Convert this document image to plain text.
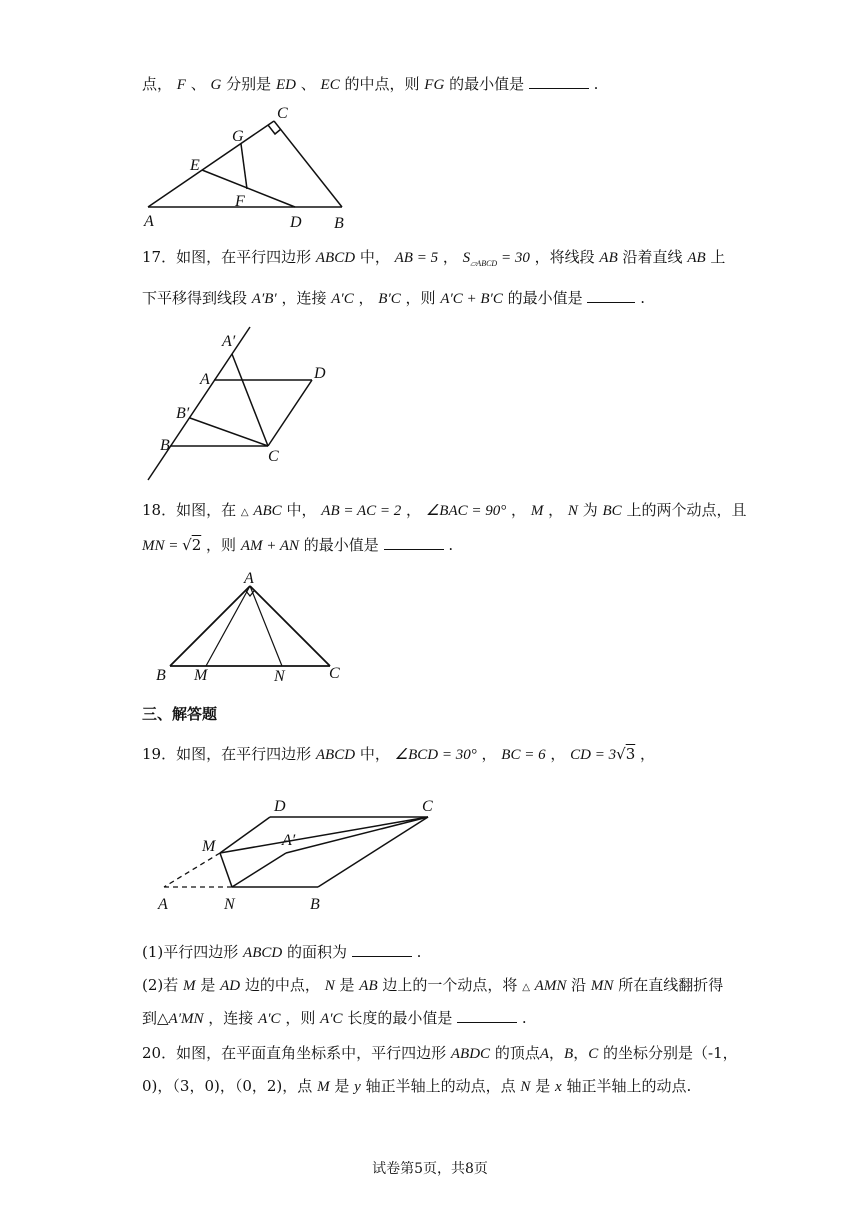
点， F 、 G 分别是 ED 、 EC 的中点，则 FG 的最小值是	.
A	B
C
D
E
F
G
17．如图，在平行四边形 ABCD 中， AB = 5 ， $S_{▱ABCD} = 30$ ，将线段 AB 沿着直线 AB 上
下平移得到线段 A′B′ ，连接 A′C ， B′C ，则 A′C + B′C 的最小值是	.
A′
A	D
B′
B
C
18．如图，在 △ ABC 中， AB = AC = 2 ， ∠BAC = 90° ， M ， N 为 BC 上的两个动点，且
MN = √2 ，则 AM + AN 的最小值是	.
A
B M	N	C
三、解答题
19．如图，在平行四边形 ABCD 中， ∠BCD = 30° ， BC = 6 ， CD = 3√3 ，
D	C
M	A′
A	N	B
(1)平行四边形 ABCD 的面积为	.
(2)若 M 是 AD 边的中点， N 是 AB 边上的一个动点，将 △ AMN 沿 MN 所在直线翻折得
到△A′MN ，连接 A′C ，则 A′C 长度的最小值是	.
20．如图，在平面直角坐标系中，平行四边形 ABDC 的顶点A，B，C 的坐标分别是（-1，
0)，（3，0)，（0，2)，点 M 是 y 轴正半轴上的动点，点 N 是 x 轴正半轴上的动点.
试卷第5页，共8页
